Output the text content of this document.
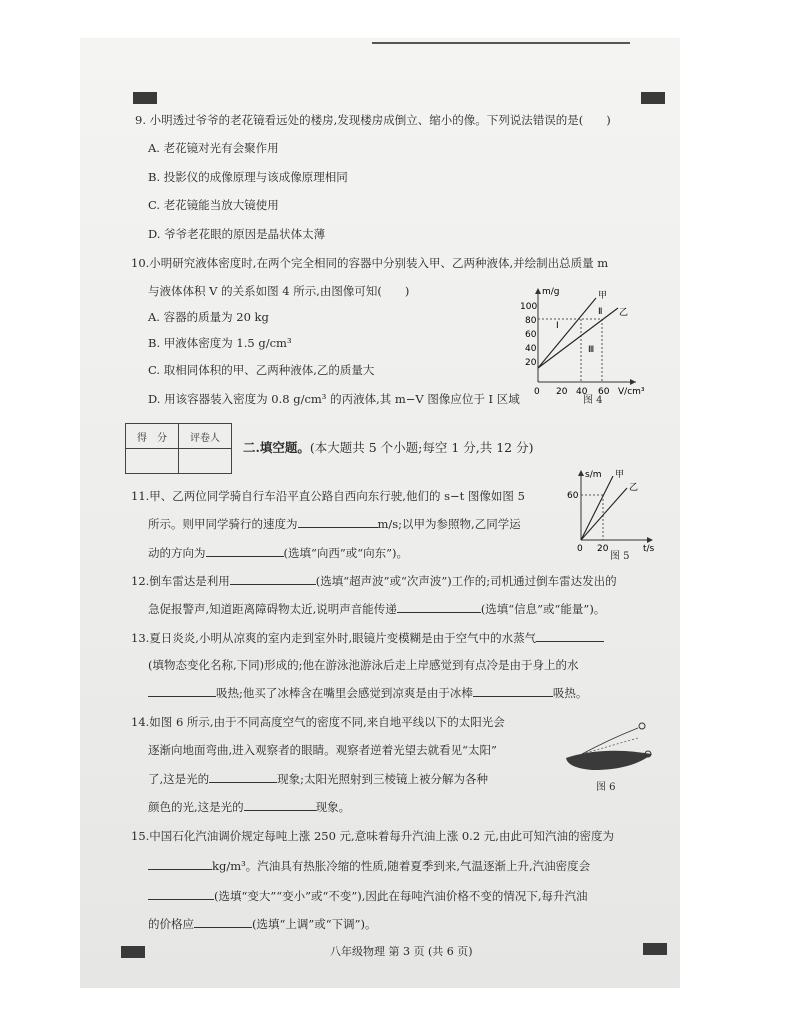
9. 小明透过爷爷的老花镜看远处的楼房,发现楼房成倒立、缩小的像。下列说法错误的是(　　)
A. 老花镜对光有会聚作用
B. 投影仪的成像原理与该成像原理相同
C. 老花镜能当放大镜使用
D. 爷爷老花眼的原因是晶状体太薄
10.小明研究液体密度时,在两个完全相同的容器中分别装入甲、乙两种液体,并绘制出总质量 m
与液体体积 V 的关系如图 4 所示,由图像可知(　　)
A. 容器的质量为 20 kg
B. 甲液体密度为 1.5 g/cm³
C. 取相同体积的甲、乙两种液体,乙的质量大
D. 用该容器装入密度为 0.8 g/cm³ 的丙液体,其 m−V 图像应位于 Ⅰ 区域
m/g
V/cm³
100
80
60
40
20
0 20 40 60
甲
乙
Ⅰ
Ⅱ
Ⅲ
图 4
得　分	评卷人

二.填空题。(本大题共 5 个小题;每空 1 分,共 12 分)
s/m
t/s
60
0 20
甲
乙
图 5
11.甲、乙两位同学骑自行车沿平直公路自西向东行驶,他们的 s−t 图像如图 5
所示。则甲同学骑行的速度为	m/s;以甲为参照物,乙同学运
动的方向为	(选填“向西”或“向东”)。
12.倒车雷达是利用	(选填“超声波”或“次声波”)工作的;司机通过倒车雷达发出的
急促报警声,知道距离障碍物太近,说明声音能传递	(选填“信息”或“能量”)。
13.夏日炎炎,小明从凉爽的室内走到室外时,眼镜片变模糊是由于空气中的水蒸气
(填物态变化名称,下同)形成的;他在游泳池游泳后走上岸感觉到有点冷是由于身上的水
吸热;他买了冰棒含在嘴里会感觉到凉爽是由于冰棒	吸热。
14.如图 6 所示,由于不同高度空气的密度不同,来自地平线以下的太阳光会
逐渐向地面弯曲,进入观察者的眼睛。观察者逆着光望去就看见“太阳”
了,这是光的	现象;太阳光照射到三棱镜上被分解为各种
颜色的光,这是光的	现象。
图 6
15.中国石化汽油调价规定每吨上涨 250 元,意味着每升汽油上涨 0.2 元,由此可知汽油的密度为
kg/m³。汽油具有热胀冷缩的性质,随着夏季到来,气温逐渐上升,汽油密度会
(选填“变大”“变小”或“不变”),因此在每吨汽油价格不变的情况下,每升汽油
的价格应	(选填“上调”或“下调”)。
八年级物理 第 3 页 (共 6 页)
